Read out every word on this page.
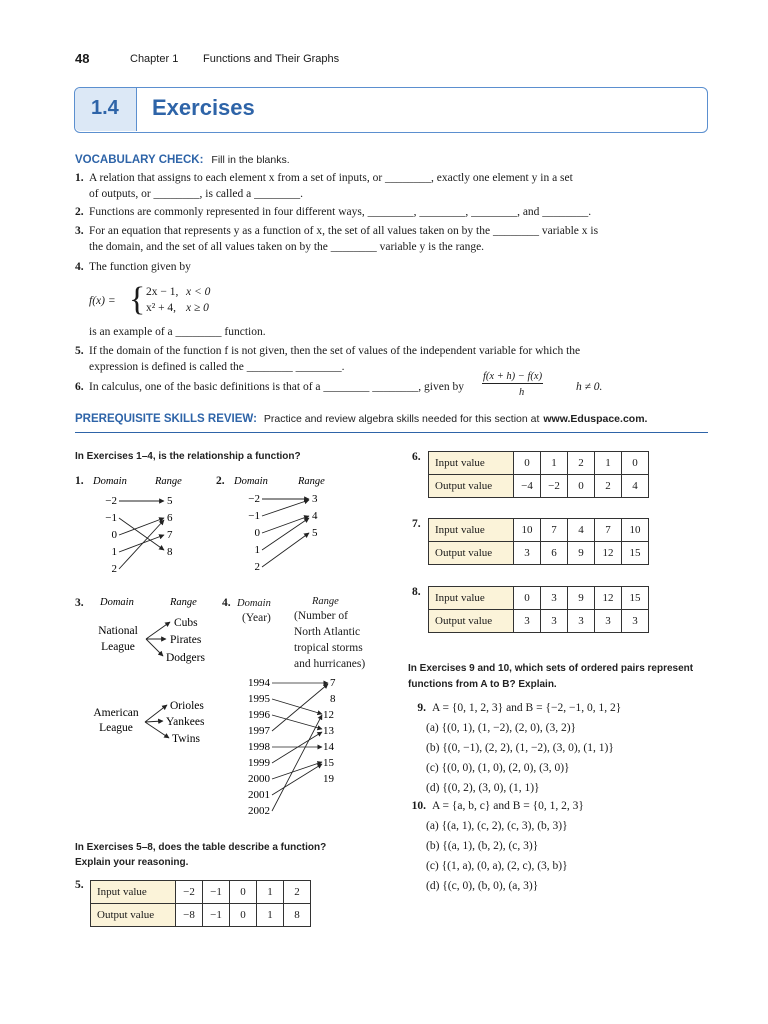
48	Chapter 1 Functions and Their Graphs
1.4 Exercises
VOCABULARY CHECK: Fill in the blanks.
1. A relation that assigns to each element x from a set of inputs, or ________, exactly one element y in a set
of outputs, or ________, is called a ________.
2. Functions are commonly represented in four different ways, ________, ________, ________, and ________.
3. For an equation that represents y as a function of x, the set of all values taken on by the ________ variable x is
the domain, and the set of all values taken on by the ________ variable y is the range.
4. The function given by
f(x) = { 2x − 1, x < 0
x² + 4, x ≥ 0
is an example of a ________ function.
5. If the domain of the function f is not given, then the set of values of the independent variable for which the
expression is defined is called the ________ ________.
6. In calculus, one of the basic definitions is that of a ________ ________, given by
f(x + h) − f(x)
h	h ≠ 0.
PREREQUISITE SKILLS REVIEW: Practice and review algebra skills needed for this section at www.Eduspace.com.
In Exercises 1–4, is the relationship a function?
1. Domain	Range
−2
−1
0
1
2
5
6
7
8
2. Domain	Range
−2
−1
0
1
2
3
4
5
3. Domain	Range
National
League
American
League
Cubs
Pirates
Dodgers
Orioles
Yankees
Twins
4. Domain
(Year)
Range
(Number of
North Atlantic
tropical storms
and hurricanes)
1994
1995
1996
1997
1998
1999
2000
2001
2002
7
8
12
13
14
15
19
In Exercises 5–8, does the table describe a function?
Explain your reasoning.
5.
Input value	−2	−1	0	1	2
Output value	−8	−1	0	1	8
6. Input value	0	1	2	1	0
Output value	−4	−2	0	2	4
7. Input value	10	7	4	7	10
Output value	3	6	9	12	15
8. Input value	0	3	9	12	15
Output value	3	3	3	3	3
In Exercises 9 and 10, which sets of ordered pairs represent
functions from A to B? Explain.
9. A = {0, 1, 2, 3} and B = {−2, −1, 0, 1, 2}
(a) {(0, 1), (1, −2), (2, 0), (3, 2)}
(b) {(0, −1), (2, 2), (1, −2), (3, 0), (1, 1)}
(c) {(0, 0), (1, 0), (2, 0), (3, 0)}
(d) {(0, 2), (3, 0), (1, 1)}
10. A = {a, b, c} and B = {0, 1, 2, 3}
(a) {(a, 1), (c, 2), (c, 3), (b, 3)}
(b) {(a, 1), (b, 2), (c, 3)}
(c) {(1, a), (0, a), (2, c), (3, b)}
(d) {(c, 0), (b, 0), (a, 3)}
